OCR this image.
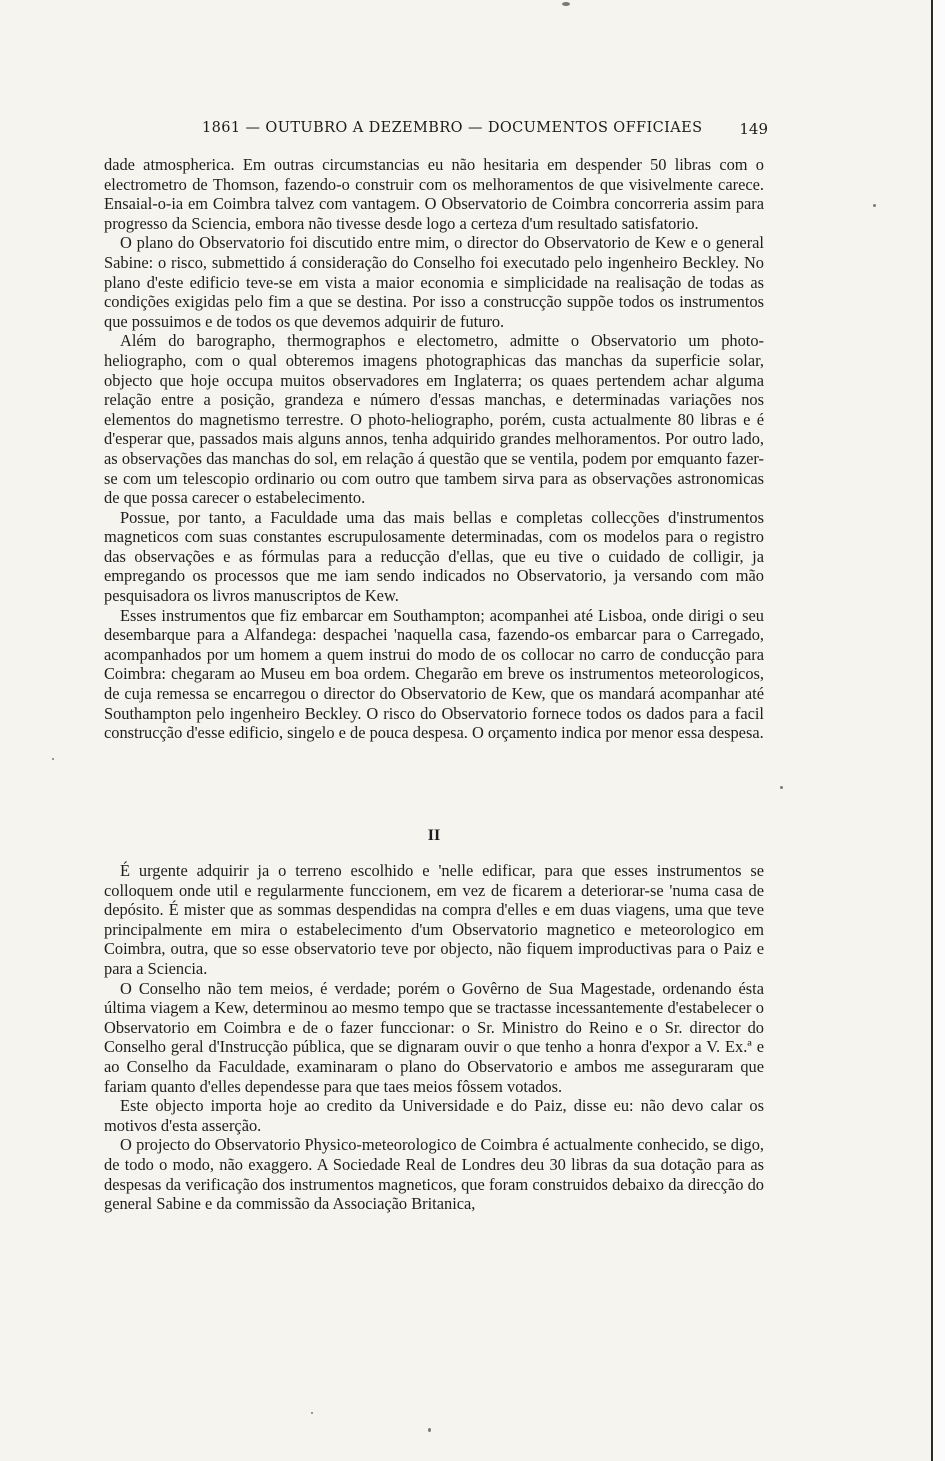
1861 — OUTUBRO A DEZEMBRO — DOCUMENTOS OFFICIAES 149

dade atmospherica. Em outras circumstancias eu não hesitaria em despender 50 libras com o electrometro de Thomson, fazendo-o construir com os melhoramentos de que visivelmente carece. Ensaial-o-ia em Coimbra talvez com vantagem. O Observatorio de Coimbra concorreria assim para progresso da Sciencia, embora não tivesse desde logo a certeza d'um resultado satisfatorio.

O plano do Observatorio foi discutido entre mim, o director do Observatorio de Kew e o general Sabine: o risco, submettido á consideração do Conselho foi executado pelo ingenheiro Beckley. No plano d'este edificio teve-se em vista a maior economia e simplicidade na realisação de todas as condições exigidas pelo fim a que se destina. Por isso a construcção suppõe todos os instrumentos que possuimos e de todos os que devemos adquirir de futuro.

Além do barographo, thermographos e electometro, admitte o Observatorio um photo-heliographo, com o qual obteremos imagens photographicas das manchas da superficie solar, objecto que hoje occupa muitos observadores em Inglaterra; os quaes pertendem achar alguma relação entre a posição, grandeza e número d'essas manchas, e determinadas variações nos elementos do magnetismo terrestre. O photo-heliographo, porém, custa actualmente 80 libras e é d'esperar que, passados mais alguns annos, tenha adquirido grandes melhoramentos. Por outro lado, as observações das manchas do sol, em relação á questão que se ventila, podem por emquanto fazer-se com um telescopio ordinario ou com outro que tambem sirva para as observações astronomicas de que possa carecer o estabelecimento.

Possue, por tanto, a Faculdade uma das mais bellas e completas collecções d'instrumentos magneticos com suas constantes escrupulosamente determinadas, com os modelos para o registro das observações e as fórmulas para a reducção d'ellas, que eu tive o cuidado de colligir, ja empregando os processos que me iam sendo indicados no Observatorio, ja versando com mão pesquisadora os livros manuscriptos de Kew.

Esses instrumentos que fiz embarcar em Southampton; acompanhei até Lisboa, onde dirigi o seu desembarque para a Alfandega: despachei 'naquella casa, fazendo-os embarcar para o Carregado, acompanhados por um homem a quem instrui do modo de os collocar no carro de conducção para Coimbra: chegaram ao Museu em boa ordem. Chegarão em breve os instrumentos meteorologicos, de cuja remessa se encarregou o director do Observatorio de Kew, que os mandará acompanhar até Southampton pelo ingenheiro Beckley. O risco do Observatorio fornece todos os dados para a facil construcção d'esse edificio, singelo e de pouca despesa. O orçamento indica por menor essa despesa.

II

É urgente adquirir ja o terreno escolhido e 'nelle edificar, para que esses instrumentos se colloquem onde util e regularmente funccionem, em vez de ficarem a deteriorar-se 'numa casa de depósito. É mister que as sommas despendidas na compra d'elles e em duas viagens, uma que teve principalmente em mira o estabelecimento d'um Observatorio magnetico e meteorologico em Coimbra, outra, que so esse observatorio teve por objecto, não fiquem improductivas para o Paiz e para a Sciencia.

O Conselho não tem meios, é verdade; porém o Govêrno de Sua Magestade, ordenando ésta última viagem a Kew, determinou ao mesmo tempo que se tractasse incessantemente d'estabelecer o Observatorio em Coimbra e de o fazer funccionar: o Sr. Ministro do Reino e o Sr. director do Conselho geral d'Instrucção pública, que se dignaram ouvir o que tenho a honra d'expor a V. Ex.ª e ao Conselho da Faculdade, examinaram o plano do Observatorio e ambos me asseguraram que fariam quanto d'elles dependesse para que taes meios fôssem votados.

Este objecto importa hoje ao credito da Universidade e do Paiz, disse eu: não devo calar os motivos d'esta asserção.

O projecto do Observatorio Physico-meteorologico de Coimbra é actualmente conhecido, se digo, de todo o modo, não exaggero. A Sociedade Real de Londres deu 30 libras da sua dotação para as despesas da verificação dos instrumentos magneticos, que foram construidos debaixo da direcção do general Sabine e da commissão da Associação Britanica,
